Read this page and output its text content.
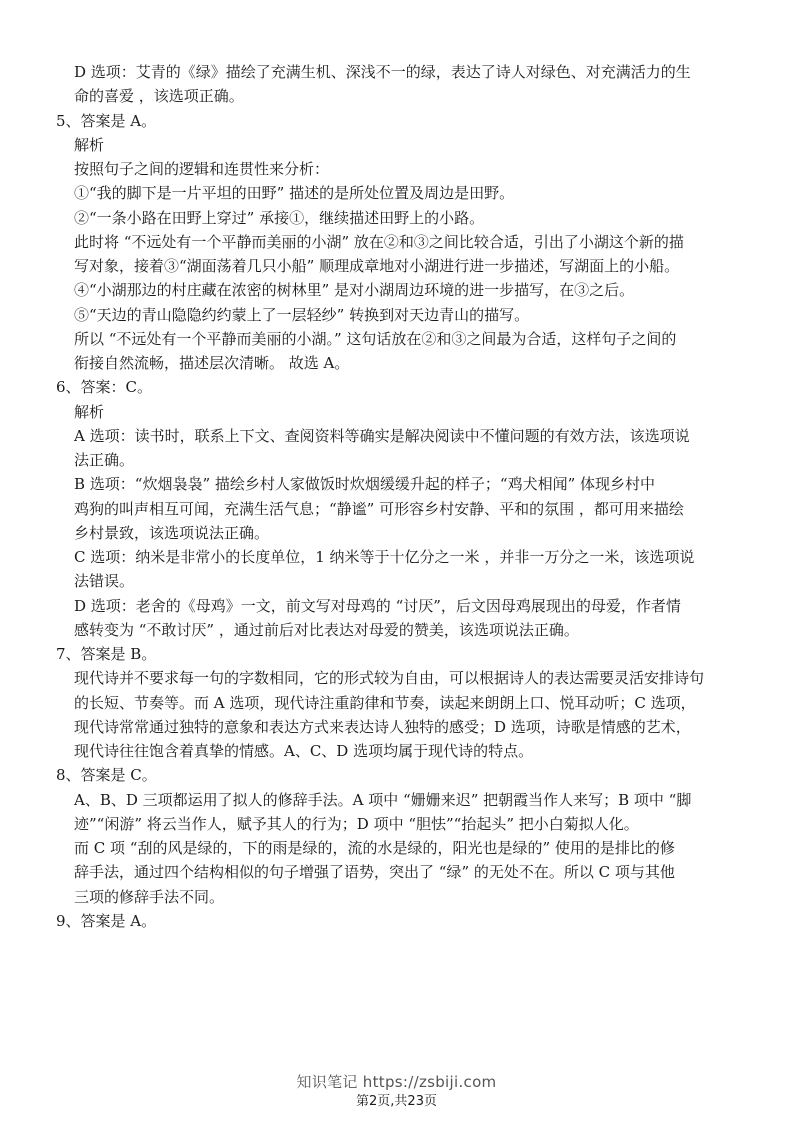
D 选项：艾青的《绿》描绘了充满生机、深浅不一的绿，表达了诗人对绿色、对充满活力的生
命的喜爱 ，该选项正确。
5、答案是 A。
解析
按照句子之间的逻辑和连贯性来分析：
①“我的脚下是一片平坦的田野” 描述的是所处位置及周边是田野。
②“一条小路在田野上穿过” 承接①，继续描述田野上的小路。
此时将 “不远处有一个平静而美丽的小湖” 放在②和③之间比较合适，引出了小湖这个新的描
写对象，接着③“湖面荡着几只小船” 顺理成章地对小湖进行进一步描述，写湖面上的小船。
④“小湖那边的村庄藏在浓密的树林里” 是对小湖周边环境的进一步描写，在③之后。
⑤“天边的青山隐隐约约蒙上了一层轻纱” 转换到对天边青山的描写。
所以 “不远处有一个平静而美丽的小湖。” 这句话放在②和③之间最为合适，这样句子之间的
衔接自然流畅，描述层次清晰。 故选 A。
6、答案：C。
解析
A 选项：读书时，联系上下文、查阅资料等确实是解决阅读中不懂问题的有效方法，该选项说
法正确。
B 选项：“炊烟袅袅” 描绘乡村人家做饭时炊烟缓缓升起的样子；“鸡犬相闻” 体现乡村中
鸡狗的叫声相互可闻，充满生活气息；“静谧” 可形容乡村安静、平和的氛围 ，都可用来描绘
乡村景致，该选项说法正确。
C 选项：纳米是非常小的长度单位，1 纳米等于十亿分之一米 ，并非一万分之一米，该选项说
法错误。
D 选项：老舍的《母鸡》一文，前文写对母鸡的 “讨厌”，后文因母鸡展现出的母爱，作者情
感转变为 “不敢讨厌” ，通过前后对比表达对母爱的赞美，该选项说法正确。
7、答案是 B。
现代诗并不要求每一句的字数相同，它的形式较为自由，可以根据诗人的表达需要灵活安排诗句
的长短、节奏等。而 A 选项，现代诗注重韵律和节奏，读起来朗朗上口、悦耳动听；C 选项，
现代诗常常通过独特的意象和表达方式来表达诗人独特的感受；D 选项，诗歌是情感的艺术，
现代诗往往饱含着真挚的情感。A、C、D 选项均属于现代诗的特点。
8、答案是 C。
A、B、D 三项都运用了拟人的修辞手法。A 项中 “姗姗来迟” 把朝霞当作人来写；B 项中 “脚
迹”“闲游” 将云当作人，赋予其人的行为；D 项中 “胆怯”“抬起头” 把小白菊拟人化。
而 C 项 “刮的风是绿的，下的雨是绿的，流的水是绿的，阳光也是绿的” 使用的是排比的修
辞手法，通过四个结构相似的句子增强了语势，突出了 “绿” 的无处不在。所以 C 项与其他
三项的修辞手法不同。
9、答案是 A。
知识笔记 https://zsbiji.com
第2页,共23页
